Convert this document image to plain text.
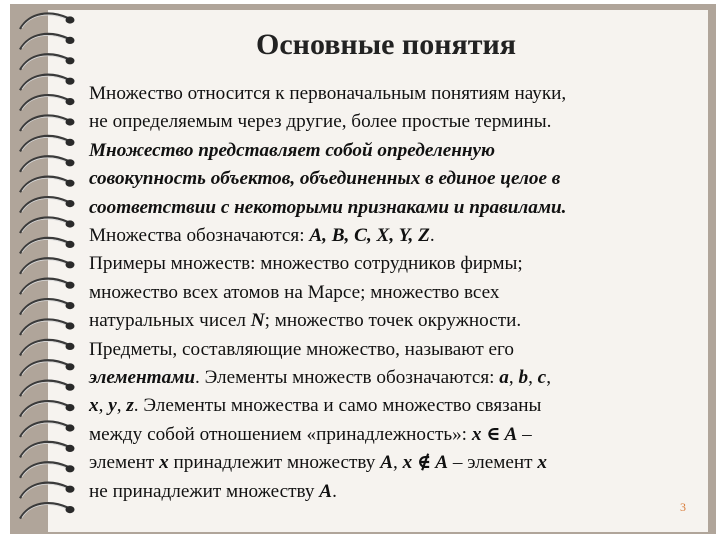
Основные понятия
Множество относится к первоначальным понятиям науки,
не определяемым через другие, более простые термины.
Множество представляет собой определенную
совокупность объектов, объединенных в единое целое в
соответствии с некоторыми признаками и правилами.
Множества обозначаются: A, B, C, X, Y, Z.
Примеры множеств: множество сотрудников фирмы;
множество всех атомов на Марсе; множество всех
натуральных чисел N; множество точек окружности.
Предметы, составляющие множество, называют его
элементами. Элементы множеств обозначаются: a, b, c,
x, y, z. Элементы множества и само множество связаны
между собой отношением «принадлежность»: x ∈ A –
элемент x принадлежит множеству A, x ∉ A – элемент x
не принадлежит множеству A.
3
